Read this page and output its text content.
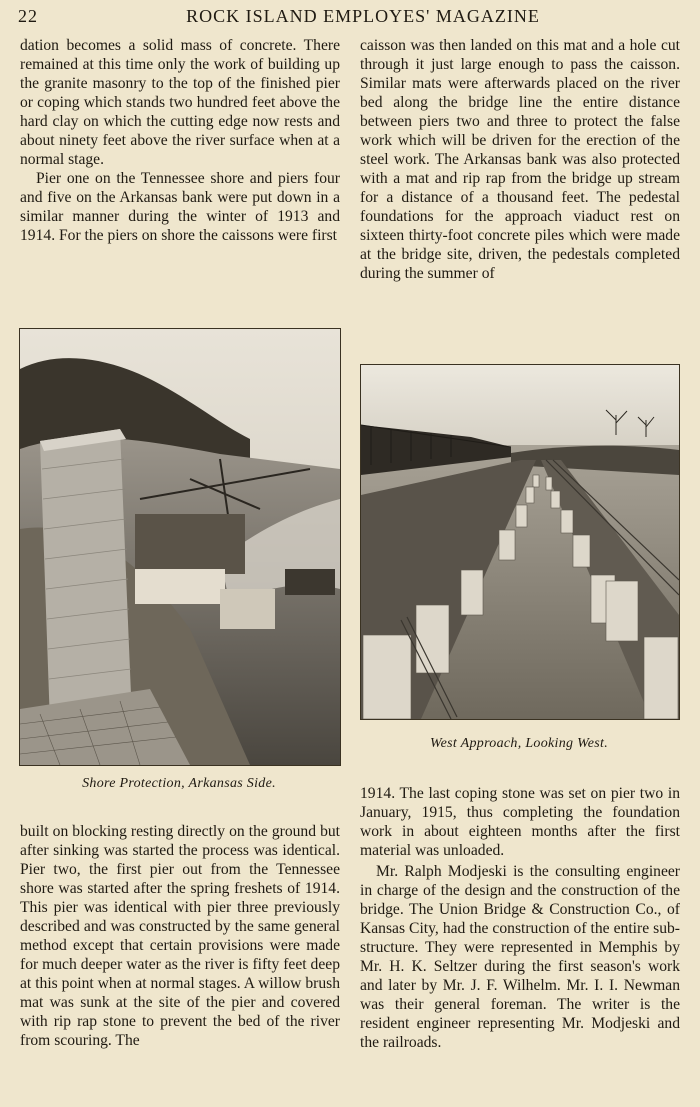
22	ROCK ISLAND EMPLOYES' MAGAZINE

dation becomes a solid mass of concrete. There remained at this time only the work of building up the granite masonry to the top of the finished pier or coping which stands two hundred feet above the hard clay on which the cutting edge now rests and about ninety feet above the river surface when at a normal stage.

Pier one on the Tennessee shore and piers four and five on the Arkansas bank were put down in a similar manner during the winter of 1913 and 1914. For the piers on shore the caissons were first

caisson was then landed on this mat and a hole cut through it just large enough to pass the caisson. Similar mats were afterwards placed on the river bed along the bridge line the entire distance between piers two and three to protect the false work which will be driven for the erection of the steel work. The Arkansas bank was also protected with a mat and rip rap from the bridge up stream for a distance of a thousand feet. The pedestal foundations for the approach viaduct rest on sixteen thirty-foot concrete piles which were made at the bridge site, driven, the pedestals completed during the summer of

Shore Protection, Arkansas Side.
West Approach, Looking West.

built on blocking resting directly on the ground but after sinking was started the process was identical. Pier two, the first pier out from the Tennessee shore was started after the spring freshets of 1914. This pier was identical with pier three previously described and was constructed by the same general method except that certain provisions were made for much deeper water as the river is fifty feet deep at this point when at normal stages. A willow brush mat was sunk at the site of the pier and covered with rip rap stone to prevent the bed of the river from scouring. The

1914. The last coping stone was set on pier two in January, 1915, thus completing the foundation work in about eighteen months after the first material was unloaded.

Mr. Ralph Modjeski is the consulting engineer in charge of the design and the construction of the bridge. The Union Bridge & Construction Co., of Kansas City, had the construction of the entire sub-structure. They were represented in Memphis by Mr. H. K. Seltzer during the first season's work and later by Mr. J. F. Wilhelm. Mr. I. I. Newman was their general foreman. The writer is the resident engineer representing Mr. Modjeski and the railroads.
